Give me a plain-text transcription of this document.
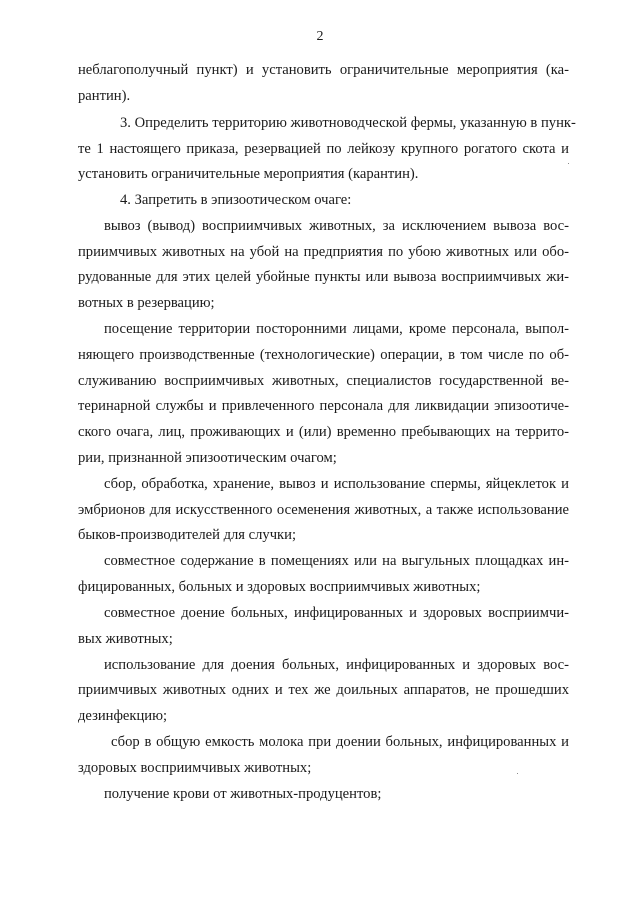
2
неблагополучный пункт) и установить ограничительные мероприятия (ка-
рантин).
3. Определить территорию животноводческой фермы, указанную в пунк-
те 1 настоящего приказа, резервацией по лейкозу крупного рогатого скота и
установить ограничительные мероприятия (карантин).
4. Запретить в эпизоотическом очаге:
вывоз (вывод) восприимчивых животных, за исключением вывоза вос-
приимчивых животных на убой на предприятия по убою животных или обо-
рудованные для этих целей убойные пункты или вывоза восприимчивых жи-
вотных в резервацию;
посещение территории посторонними лицами, кроме персонала, выпол-
няющего производственные (технологические) операции, в том числе по об-
служиванию восприимчивых животных, специалистов государственной ве-
теринарной службы и привлеченного персонала для ликвидации эпизоотиче-
ского очага, лиц, проживающих и (или) временно пребывающих на террито-
рии, признанной эпизоотическим очагом;
сбор, обработка, хранение, вывоз и использование спермы, яйцеклеток и
эмбрионов для искусственного осеменения животных, а также использование
быков-производителей для случки;
совместное содержание в помещениях или на выгульных площадках ин-
фицированных, больных и здоровых восприимчивых животных;
совместное доение больных, инфицированных и здоровых восприимчи-
вых животных;
использование для доения больных, инфицированных и здоровых вос-
приимчивых животных одних и тех же доильных аппаратов, не прошедших
дезинфекцию;
сбор в общую емкость молока при доении больных, инфицированных и
здоровых восприимчивых животных;
получение крови от животных-продуцентов;
